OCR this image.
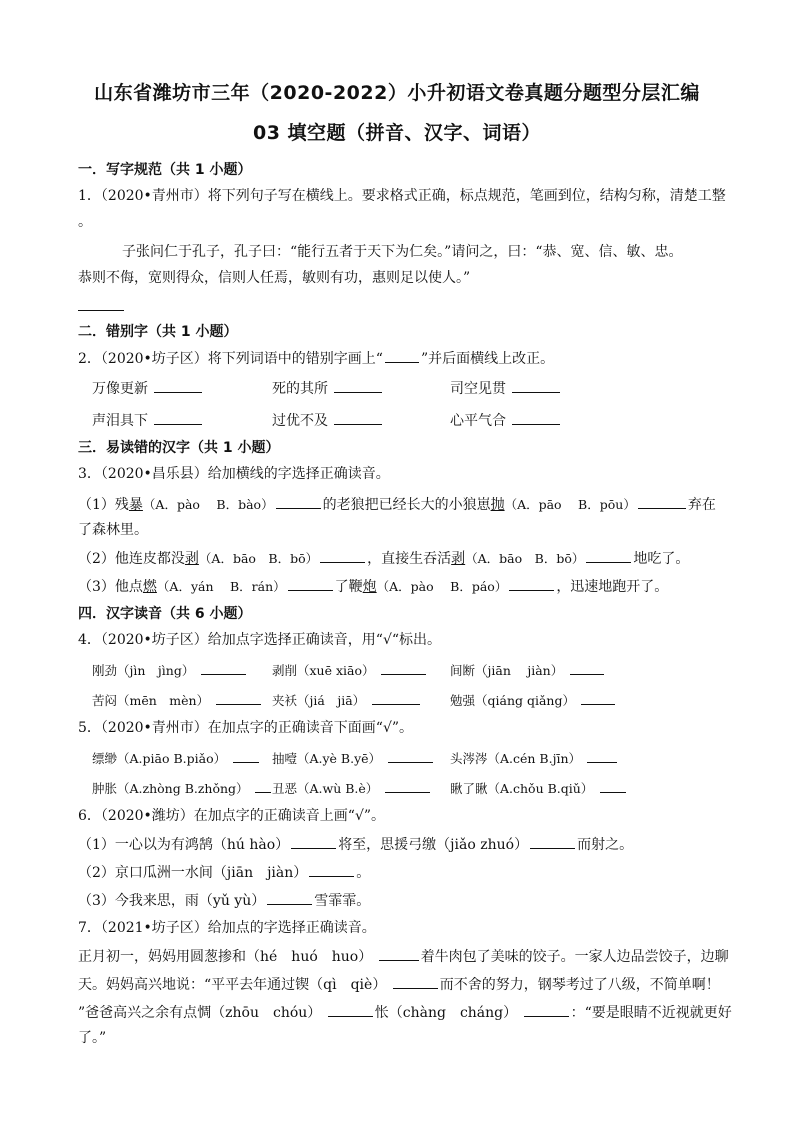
山东省潍坊市三年（2020-2022）小升初语文卷真题分题型分层汇编
03 填空题（拼音、汉字、词语）
一．写字规范（共 1 小题）
1．（2020•青州市）将下列句子写在横线上。要求格式正确，标点规范，笔画到位，结构匀称，清楚工整
。
子张问仁于孔子，孔子曰：“能行五者于天下为仁矣。”请问之，曰：“恭、宽、信、敏、忠。
恭则不侮，宽则得众，信则人任焉，敏则有功，惠则足以使人。”
二．错别字（共 1 小题）
2．（2020•坊子区）将下列词语中的错别字画上“	”并后面横线上改正。
万像更新	死的其所	司空见贯
声泪具下	过优不及	心平气合
三．易读错的汉字（共 1 小题）
3．（2020•昌乐县）给加横线的字选择正确读音。
（1）残暴（A．pào　 B．bào）	的老狼把已经长大的小狼崽抛（A．pāo　 B．pōu）	弃在
了森林里。
（2）他连皮都没剥（A．bāo　B．bō）	，直接生吞活剥（A．bāo　B．bō）	地吃了。
（3）他点燃（A．yán　 B．rán）	了鞭炮（A．pào　 B．páo）	，迅速地跑开了。
四．汉字读音（共 6 小题）
4．（2020•坊子区）给加点字选择正确读音，用“√“标出。
刚劲（jìn　jìng）	剥削（xuē xiāo）	间断（jiān　 jiàn）
苦闷（mēn　mèn）	夹袄（jiá　jiā）	勉强（qiáng qiǎng）
5．（2020•青州市）在加点字的正确读音下面画“√”。
缥缈（A.piāo B.piǎo）	抽噎（A.yè B.yē）	头涔涔（A.cén B.jīn）
肿胀（A.zhòng B.zhǒng）	丑恶（A.wù B.è）	瞅了瞅（A.chǒu B.qiǔ）
6．（2020•潍坊）在加点字的正确读音上画“√”。
（1）一心以为有鸿鹄（hú hào）	将至，思援弓缴（jiǎo zhuó）	而射之。
（2）京口瓜洲一水间（jiān　jiàn）	。
（3）今我来思，雨（yǔ yù）	雪霏霏。
7．（2021•坊子区）给加点的字选择正确读音。
正月初一，妈妈用圆葱掺和（hé　huó　huo）	着牛肉包了美味的饺子。一家人边品尝饺子，边聊
天。妈妈高兴地说：“平平去年通过锲（qì　qiè）	而不舍的努力，钢琴考过了八级，不简单啊！
”爸爸高兴之余有点惆（zhōu　chóu）	怅（chàng　cháng）	：“要是眼睛不近视就更好
了。”
